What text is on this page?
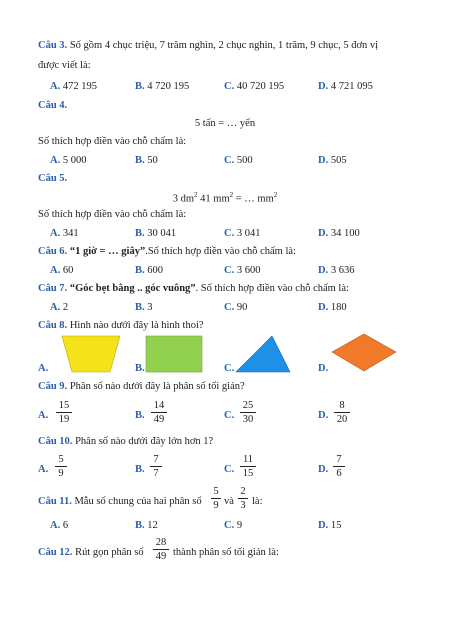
Câu 3. Số gồm 4 chục triệu, 7 trăm nghìn, 2 chục nghìn, 1 trăm, 9 chục, 5 đơn vị
được viết là:
A. 472 195	B. 4 720 195	C. 40 720 195	D. 4 721 095
Câu 4.
5 tấn = … yến
Số thích hợp điền vào chỗ chấm là:
A. 5 000	B. 50	C. 500	D. 505
Câu 5.
3 $dm^2$ 41 $mm^2$ = … $mm^2$
Số thích hợp điền vào chỗ chấm là:
A. 341	B. 30 041	C. 3 041	D. 34 100
Câu 6. “1 giờ = … giây”.Số thích hợp điền vào chỗ chấm là:
A. 60	B. 600	C. 3 600	D. 3 636
Câu 7. “Góc bẹt bằng .. góc vuông”. Số thích hợp điền vào chỗ chấm là:
A. 2	B. 3	C. 90	D. 180
Câu 8. Hình nào dưới đây là hình thoi?
A.	B.	C.	D.
Câu 9. Phân số nào dưới đây là phân số tối giản?
A.
15
19	B.
14
49	C.
25
30	D.
8
20
Câu 10. Phân số nào dưới đây lớn hơn 1?
A.
5
9	B.
7
7	C.
11
15	D.
7
6
Câu 11. Mẫu số chung của hai phân số
5
9 và
2
3 là:
A. 6	B. 12	C. 9	D. 15
Câu 12. Rút gọn phân số
28
49 thành phân số tối giản là:
